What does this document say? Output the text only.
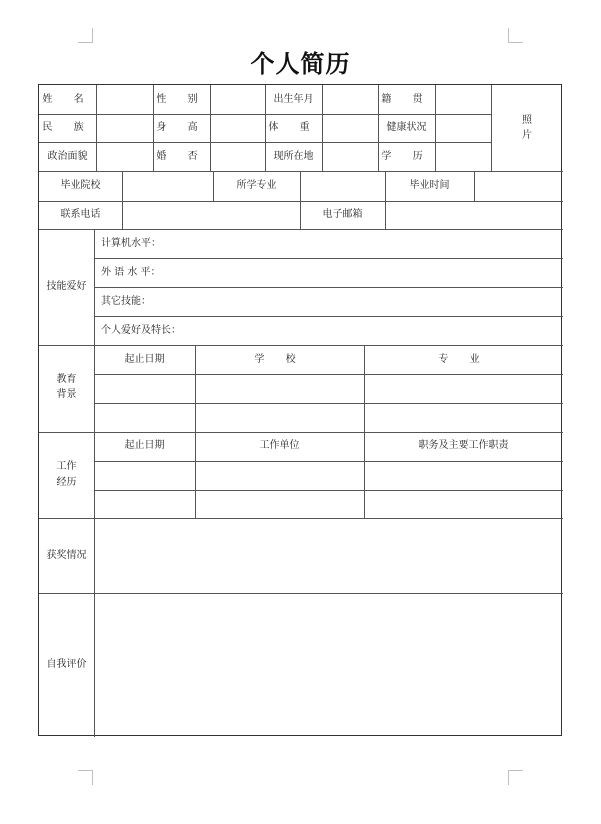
个人简历
姓 名	性 别	出生年月	籍 贯
民 族	身 高	体 重	健康状况
政治面貌	婚 否	现所在地	学 历
照
片
毕业院校	所学专业	毕业时间
联系电话	电子邮箱
技能爱好
计算机水平：
外 语 水 平：
其它技能：
个人爱好及特长：
教育
背景
起止日期	学 校	专 业
工作
经历
起止日期	工作单位	职务及主要工作职责
获奖情况
自我评价
